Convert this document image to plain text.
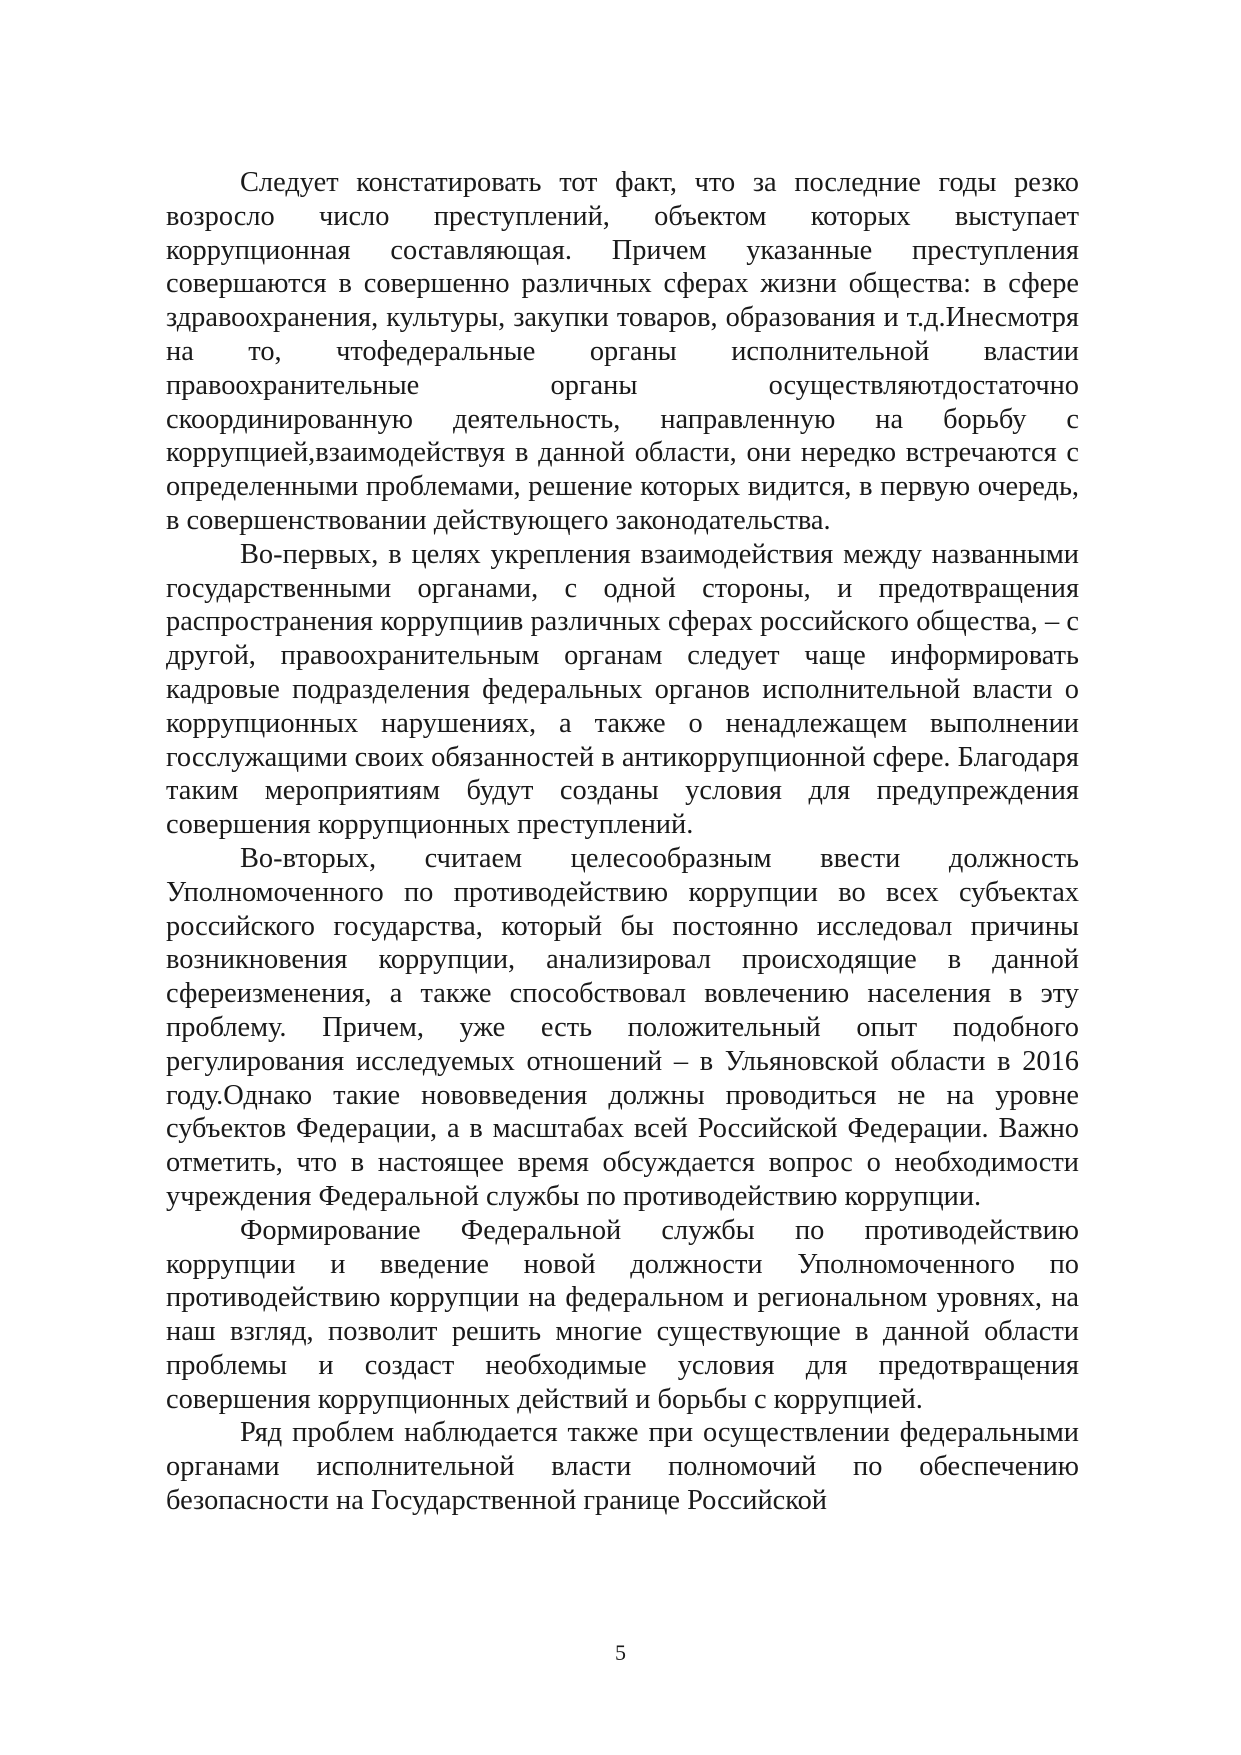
Следует констатировать тот факт, что за последние годы резко возросло число преступлений, объектом которых выступает коррупционная составляющая. Причем указанные преступления совершаются в совершенно различных сферах жизни общества: в сфере здравоохранения, культуры, закупки товаров, образования и т.д.Инесмотря на то, чтофедеральные органы исполнительной властии правоохранительные органы осуществляютдостаточно скоординированную деятельность, направленную на борьбу с коррупцией,взаимодействуя в данной области, они нередко встречаются с определенными проблемами, решение которых видится, в первую очередь, в совершенствовании действующего законодательства.

Во-первых, в целях укрепления взаимодействия между названными государственными органами, с одной стороны, и предотвращения распространения коррупциив различных сферах российского общества, – с другой, правоохранительным органам следует чаще информировать кадровые подразделения федеральных органов исполнительной власти о коррупционных нарушениях, а также о ненадлежащем выполнении госслужащими своих обязанностей в антикоррупционной сфере. Благодаря таким мероприятиям будут созданы условия для предупреждения совершения коррупционных преступлений.

Во-вторых, считаем целесообразным ввести должность Уполномоченного по противодействию коррупции во всех субъектах российского государства, который бы постоянно исследовал причины возникновения коррупции, анализировал происходящие в данной сфереизменения, а также способствовал вовлечению населения в эту проблему. Причем, уже есть положительный опыт подобного регулирования исследуемых отношений – в Ульяновской области в 2016 году.Однако такие нововведения должны проводиться не на уровне субъектов Федерации, а в масштабах всей Российской Федерации. Важно отметить, что в настоящее время обсуждается вопрос о необходимости учреждения Федеральной службы по противодействию коррупции.

Формирование Федеральной службы по противодействию коррупции и введение новой должности Уполномоченного по противодействию коррупции на федеральном и региональном уровнях, на наш взгляд, позволит решить многие существующие в данной области проблемы и создаст необходимые условия для предотвращения совершения коррупционных действий и борьбы с коррупцией.

Ряд проблем наблюдается также при осуществлении федеральными органами исполнительной власти полномочий по обеспечению безопасности на Государственной границе Российской

5
